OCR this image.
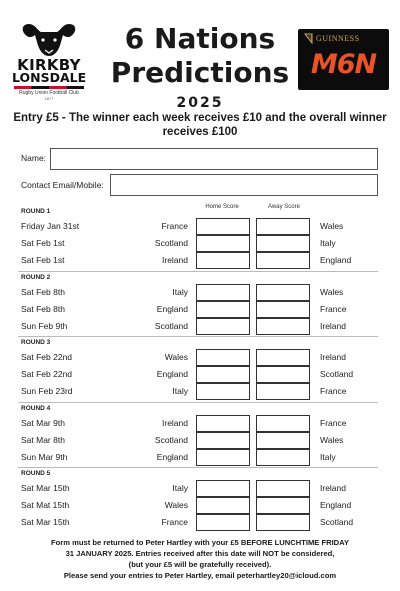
KIRKBY
LONSDALE
Rugby Union Football Club
1877
6 Nations
Predictions
2025
GUINNESS
M6N
Entry £5 - The winner each week receives £10 and the overall winner receives £100
Name:
Contact Email/Mobile:
Home Score	Away Score
ROUND 1
Friday Jan 31st	France	Wales
Sat Feb 1st	Scotland	Italy
Sat Feb 1st	Ireland	England
ROUND 2
Sat Feb 8th	Italy	Wales
Sat Feb 8th	England	France
Sun Feb 9th	Scotland	Ireland
ROUND 3
Sat Feb 22nd	Wales	Ireland
Sat Feb 22nd	England	Scotland
Sun Feb 23rd	Italy	France
ROUND 4
Sat Mar 9th	Ireland	France
Sat Mar 8th	Scotland	Wales
Sun Mar 9th	England	Italy
ROUND 5
Sat Mar 15th	Italy	Ireland
Sat Mat 15th	Wales	England
Sat Mar 15th	France	Scotland
Form must be returned to Peter Hartley with your £5 BEFORE LUNCHTIME FRIDAY
31 JANUARY 2025. Entries received after this date will NOT be considered,
(but your £5 will be gratefully received).
Please send your entries to Peter Hartley, email peterhartley20@icloud.com
